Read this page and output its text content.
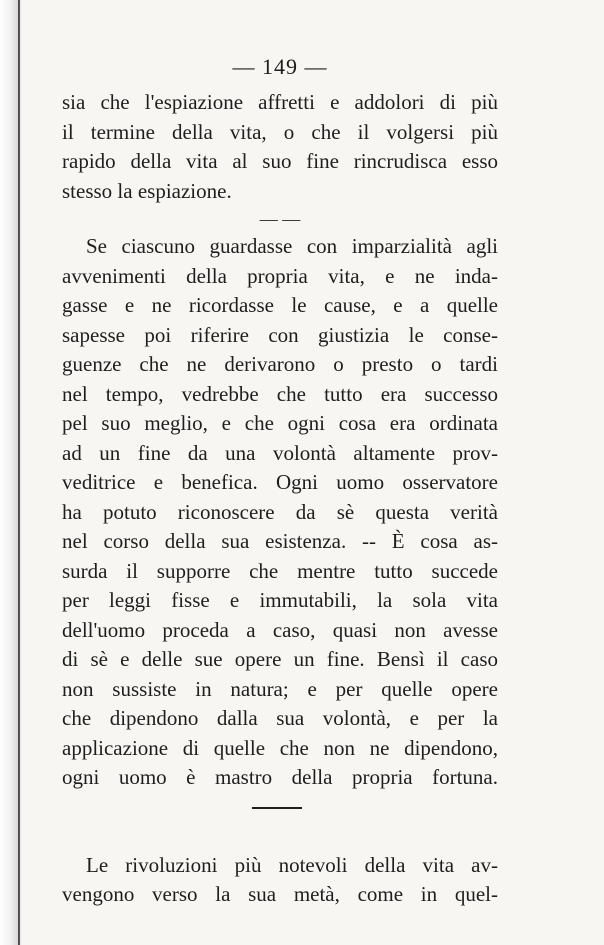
— 149 —
sia che l'espiazione affretti e addolori di più
il termine della vita, o che il volgersi più
rapido della vita al suo fine rincrudisca esso
stesso la espiazione.
— —
Se ciascuno guardasse con imparzialità agli
avvenimenti della propria vita, e ne inda-
gasse e ne ricordasse le cause, e a quelle
sapesse poi riferire con giustizia le conse-
guenze che ne derivarono o presto o tardi
nel tempo, vedrebbe che tutto era successo
pel suo meglio, e che ogni cosa era ordinata
ad un fine da una volontà altamente prov-
veditrice e benefica. Ogni uomo osservatore
ha potuto riconoscere da sè questa verità
nel corso della sua esistenza. -- È cosa as-
surda il supporre che mentre tutto succede
per leggi fisse e immutabili, la sola vita
dell'uomo proceda a caso, quasi non avesse
di sè e delle sue opere un fine. Bensì il caso
non sussiste in natura; e per quelle opere
che dipendono dalla sua volontà, e per la
applicazione di quelle che non ne dipendono,
ogni uomo è mastro della propria fortuna.
Le rivoluzioni più notevoli della vita av-
vengono verso la sua metà, come in quel-
